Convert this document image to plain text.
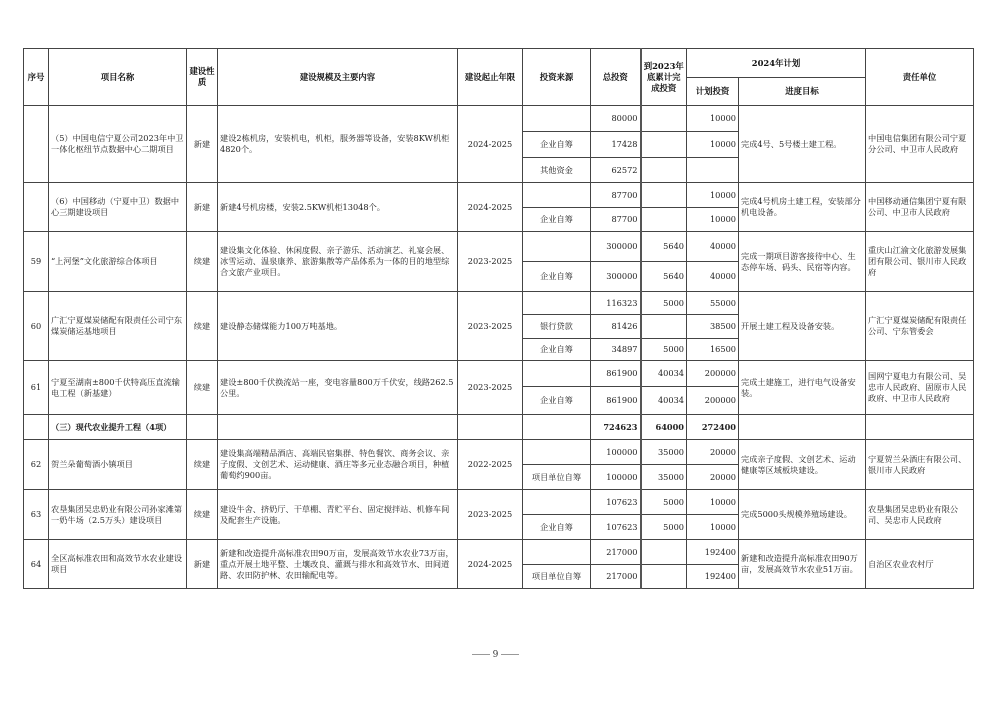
序号	项目名称	建设性质	建设规模及主要内容	建设起止年限	投资来源	总投资	到2023年底累计完成投资	2024年计划		责任单位
								计划投资	进度目标	
	（5）中国电信宁夏公司2023年中卫一体化枢纽节点数据中心二期项目	新建	建设2栋机房，安装机电，机柜，服务器等设备，安装8KW机柜4820个。	2024-2025		80000		10000	完成4号、5号楼土建工程。	中国电信集团有限公司宁夏分公司、中卫市人民政府
					企业自筹	17428		10000		
					其他资金	62572				
	（6）中国移动（宁夏中卫）数据中心三期建设项目	新建	新建4号机房楼，安装2.5KW机柜13048个。	2024-2025		87700		10000	完成4号机房土建工程，安装部分机电设备。	中国移动通信集团宁夏有限公司、中卫市人民政府
					企业自筹	87700		10000		
59	“上河堡”文化旅游综合体项目	续建	建设集文化体验、休闲度假、亲子游乐、活动演艺、礼宴会展、冰雪运动、温泉康养、旅游集散等产品体系为一体的目的地型综合文旅产业项目。	2023-2025		300000	5640	40000	完成一期项目游客接待中心、生态停车场、码头、民宿等内容。	重庆山江渝文化旅游发展集团有限公司、银川市人民政府
					企业自筹	300000	5640	40000		
60	广汇宁夏煤炭储配有限责任公司宁东煤炭储运基地项目	续建	建设静态储煤能力100万吨基地。	2023-2025		116323	5000	55000	开展土建工程及设备安装。	广汇宁夏煤炭储配有限责任公司、宁东管委会
					银行贷款	81426		38500		
					企业自筹	34897	5000	16500		
61	宁夏至湖南±800千伏特高压直流输电工程（新基建）	续建	建设±800千伏换流站一座，变电容量800万千伏安，线路262.5公里。	2023-2025		861900	40034	200000	完成土建施工，进行电气设备安装。	国网宁夏电力有限公司、吴忠市人民政府、固原市人民政府、中卫市人民政府
					企业自筹	861900	40034	200000		
	（三）现代农业提升工程（4项）					724623	64000	272400		
62	贺兰朵葡萄酒小镇项目	续建	建设集高端精品酒店、高端民宿集群、特色餐饮、商务会议、亲子度假、文创艺术、运动健康、酒庄等多元业态融合项目，种植葡萄约900亩。	2022-2025		100000	35000	20000	完成亲子度假、文创艺术、运动健康等区域板块建设。	宁夏贺兰朵酒庄有限公司、银川市人民政府
					项目单位自筹	100000	35000	20000		
63	农垦集团吴忠奶业有限公司孙家滩第一奶牛场（2.5万头）建设项目	续建	建设牛舍、挤奶厅、干草棚、青贮平台、固定搅拌站、机修车间及配套生产设施。	2023-2025		107623	5000	10000	完成5000头规模养殖场建设。	农垦集团吴忠奶业有限公司、吴忠市人民政府
					企业自筹	107623	5000	10000		
64	全区高标准农田和高效节水农业建设项目	新建	新建和改造提升高标准农田90万亩，发展高效节水农业73万亩，重点开展土地平整、土壤改良、灌溉与排水和高效节水、田间道路、农田防护林、农田输配电等。	2024-2025		217000		192400	新建和改造提升高标准农田90万亩，发展高效节水农业51万亩。	自治区农业农村厅
					项目单位自筹	217000		192400		
9
